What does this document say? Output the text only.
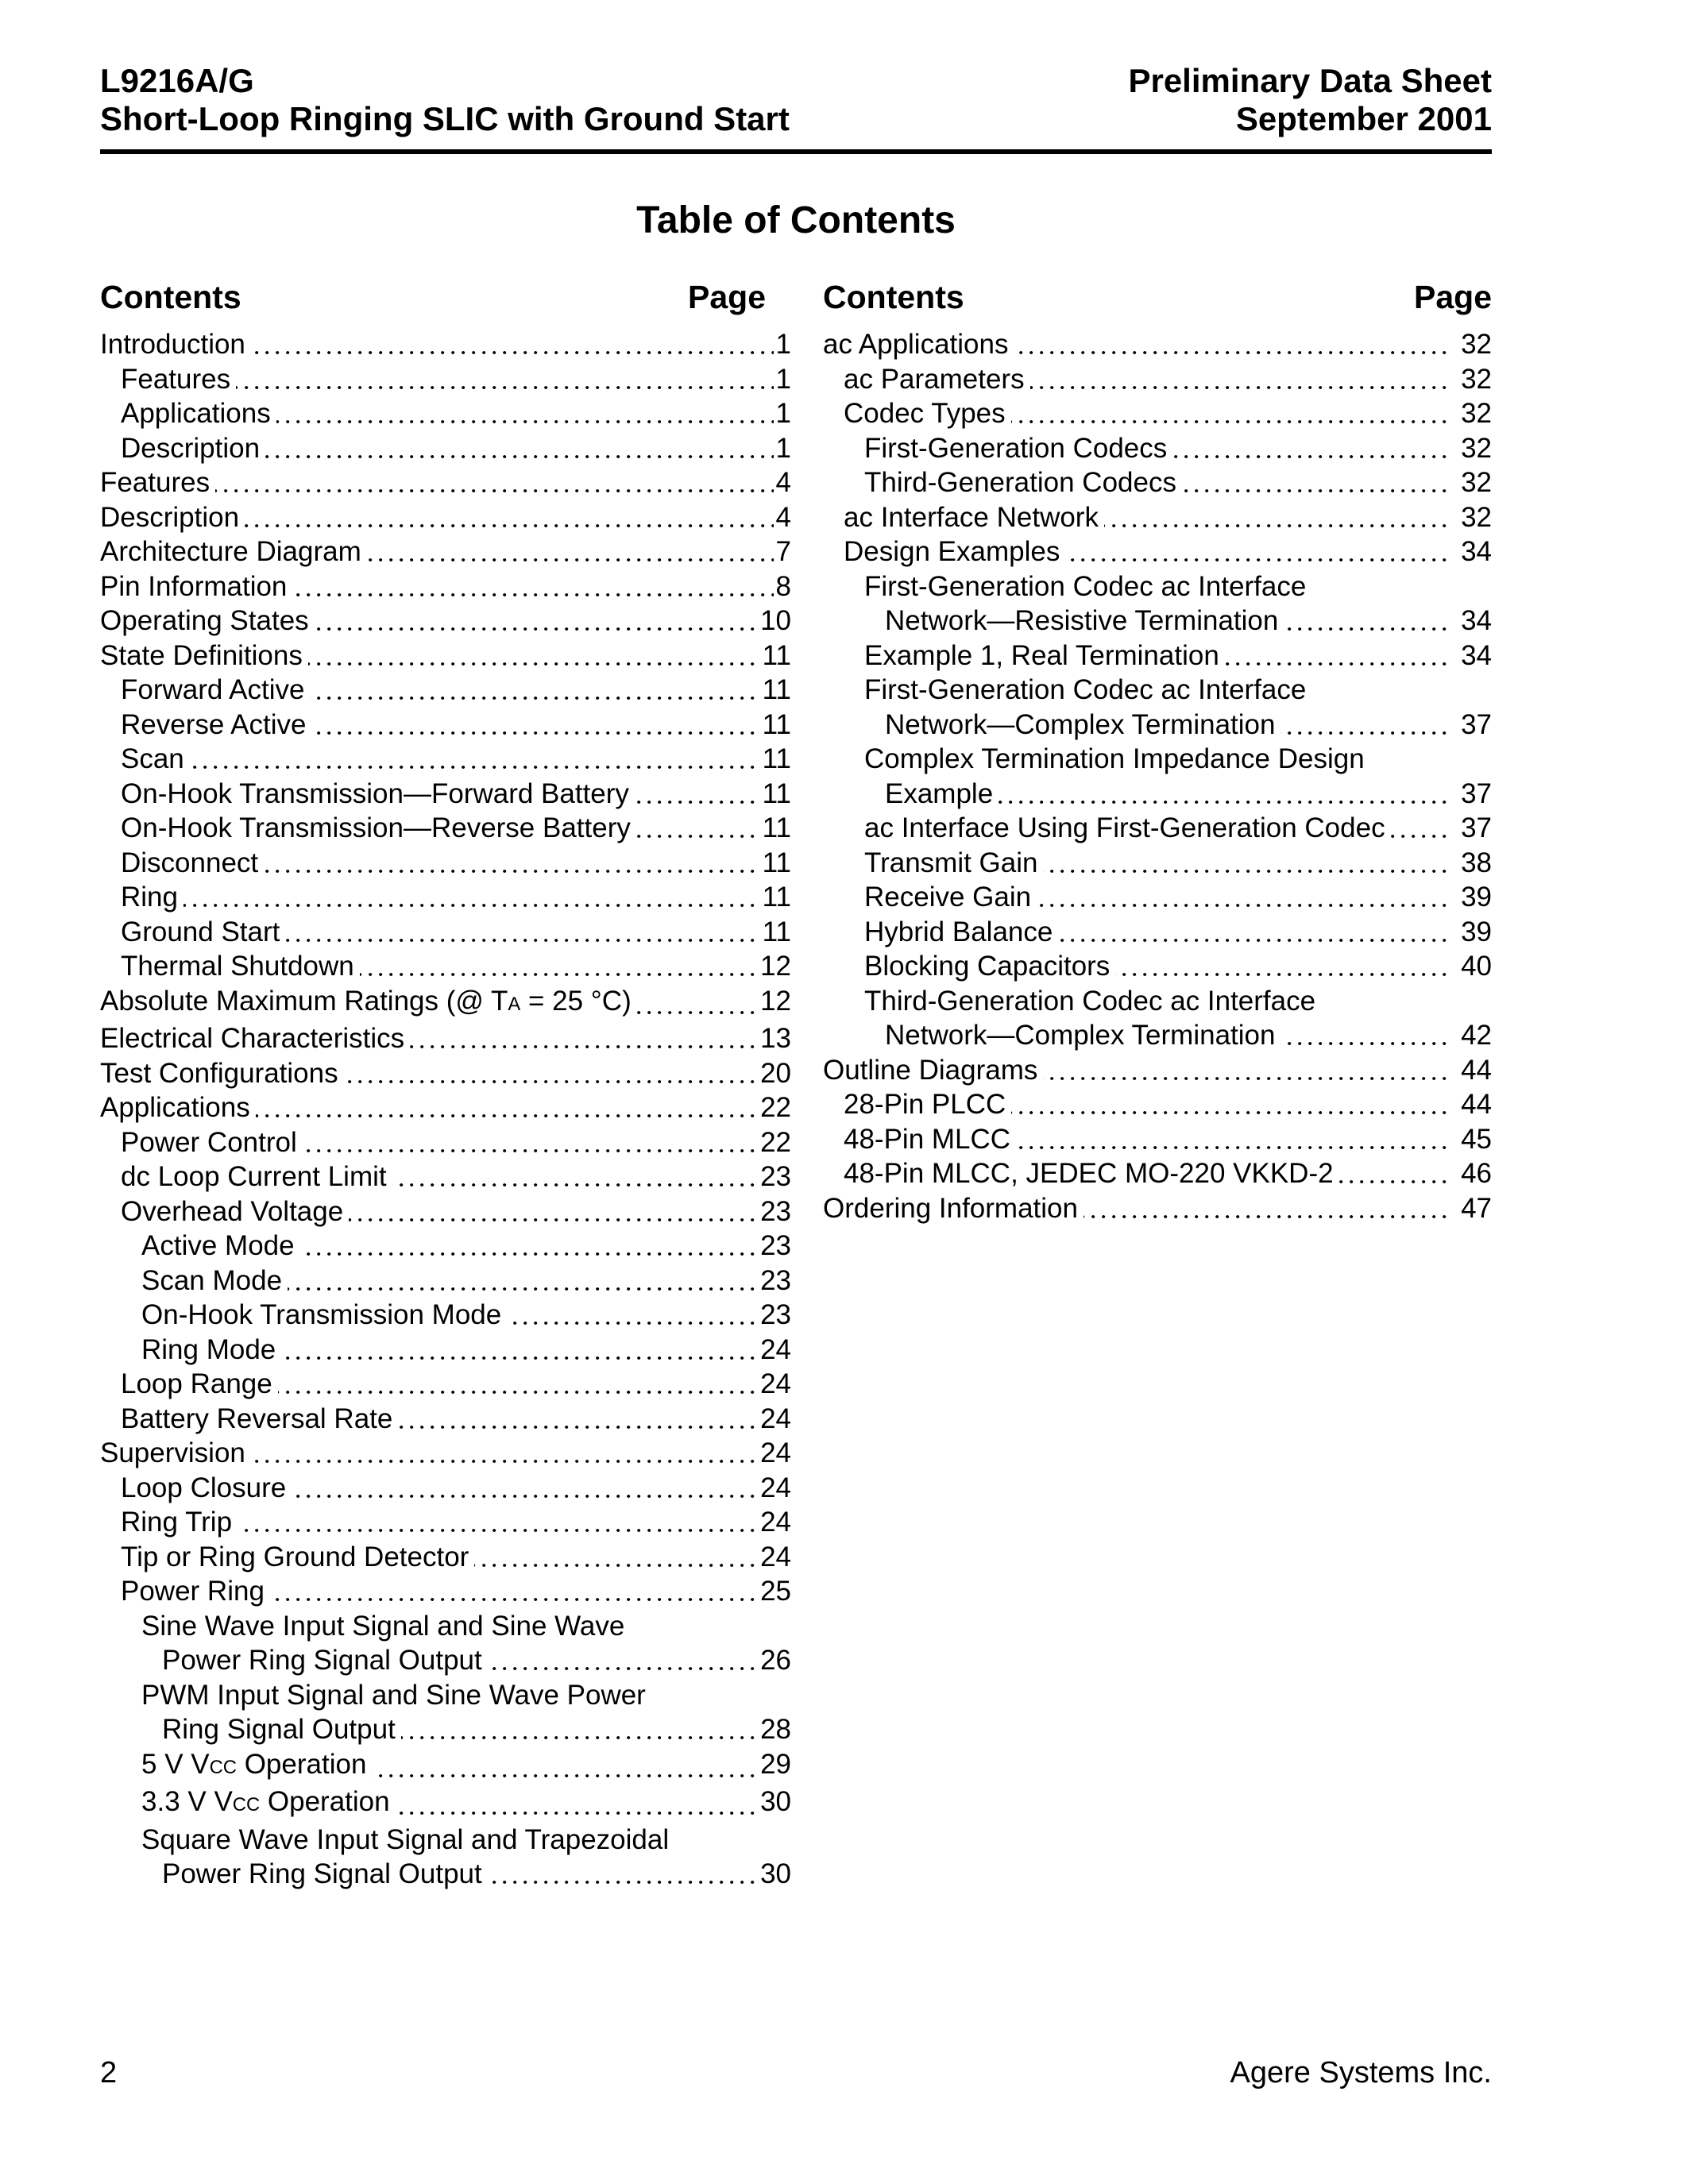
L9216A/G
Short-Loop Ringing SLIC with Ground Start
Preliminary Data Sheet
September 2001
Table of Contents
Contents	Page	Contents	Page
Introduction	1
Features	1
Applications	1
Description	1
Features	4
Description	4
Architecture Diagram	7
Pin Information	8
Operating States	10
State Definitions	11
Forward Active	11
Reverse Active	11
Scan	11
On-Hook Transmission—Forward Battery	11
On-Hook Transmission—Reverse Battery	11
Disconnect	11
Ring	11
Ground Start	11
Thermal Shutdown	12
Absolute Maximum Ratings (@ TA = 25 °C)	12
Electrical Characteristics	13
Test Configurations	20
Applications	22
Power Control	22
dc Loop Current Limit	23
Overhead Voltage	23
Active Mode	23
Scan Mode	23
On-Hook Transmission Mode	23
Ring Mode	24
Loop Range	24
Battery Reversal Rate	24
Supervision	24
Loop Closure	24
Ring Trip	24
Tip or Ring Ground Detector	24
Power Ring	25
Sine Wave Input Signal and Sine Wave
Power Ring Signal Output	26
PWM Input Signal and Sine Wave Power
Ring Signal Output	28
5 V VCC Operation	29
3.3 V VCC Operation	30
Square Wave Input Signal and Trapezoidal
Power Ring Signal Output	30
ac Applications	32
ac Parameters	32
Codec Types	32
First-Generation Codecs	32
Third-Generation Codecs	32
ac Interface Network	32
Design Examples	34
First-Generation Codec ac Interface
Network—Resistive Termination	34
Example 1, Real Termination	34
First-Generation Codec ac Interface
Network—Complex Termination	37
Complex Termination Impedance Design
Example	37
ac Interface Using First-Generation Codec	37
Transmit Gain	38
Receive Gain	39
Hybrid Balance	39
Blocking Capacitors	40
Third-Generation Codec ac Interface
Network—Complex Termination	42
Outline Diagrams	44
28-Pin PLCC	44
48-Pin MLCC	45
48-Pin MLCC, JEDEC MO-220 VKKD-2	46
Ordering Information	47
2	Agere Systems Inc.
